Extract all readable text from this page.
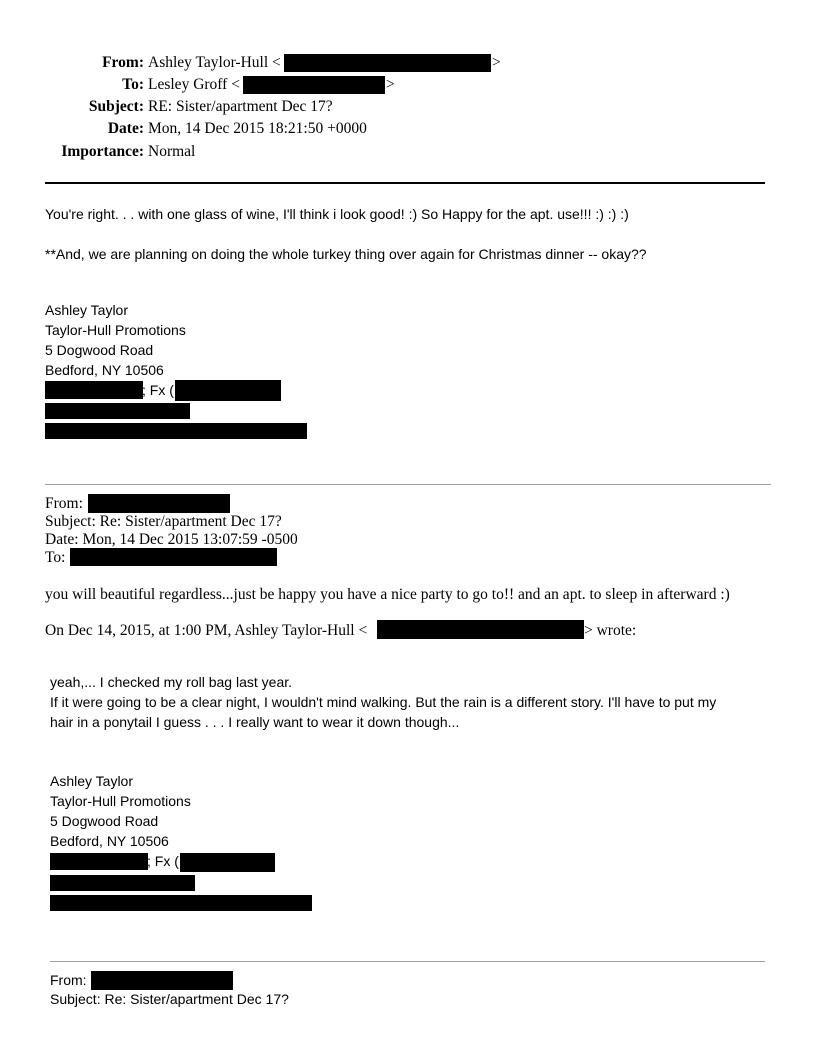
From: Ashley Taylor-Hull <	>
To: Lesley Groff <	>
Subject: RE: Sister/apartment Dec 17?
Date: Mon, 14 Dec 2015 18:21:50 +0000
Importance: Normal
You're right. . . with one glass of wine, I'll think i look good! :) So Happy for the apt. use!!! :) :) :)
**And, we are planning on doing the whole turkey thing over again for Christmas dinner -- okay??
Ashley Taylor
Taylor-Hull Promotions
5 Dogwood Road
Bedford, NY 10506
; Fx (
From:
Subject: Re: Sister/apartment Dec 17?
Date: Mon, 14 Dec 2015 13:07:59 -0500
To:
you will beautiful regardless...just be happy you have a nice party to go to!! and an apt. to sleep in afterward :)
On Dec 14, 2015, at 1:00 PM, Ashley Taylor-Hull <	> wrote:
yeah,... I checked my roll bag last year.
If it were going to be a clear night, I wouldn't mind walking. But the rain is a different story. I'll have to put my
hair in a ponytail I guess . . . I really want to wear it down though...
Ashley Taylor
Taylor-Hull Promotions
5 Dogwood Road
Bedford, NY 10506
; Fx (
From:
Subject: Re: Sister/apartment Dec 17?
